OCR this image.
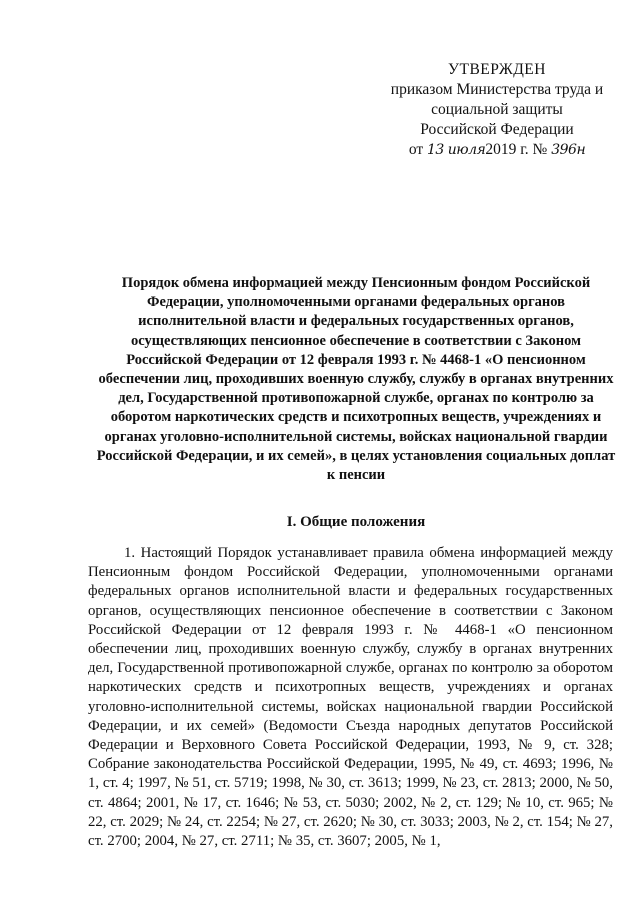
УТВЕРЖДЕН
приказом Министерства труда и
социальной защиты
Российской Федерации
от 13 июля2019 г. № 396н
Порядок обмена информацией между Пенсионным фондом Российской Федерации, уполномоченными органами федеральных органов исполнительной власти и федеральных государственных органов, осуществляющих пенсионное обеспечение в соответствии с Законом Российской Федерации от 12 февраля 1993 г. № 4468-1 «О пенсионном обеспечении лиц, проходивших военную службу, службу в органах внутренних дел, Государственной противопожарной службе, органах по контролю за оборотом наркотических средств и психотропных веществ, учреждениях и органах уголовно-исполнительной системы, войсках национальной гвардии Российской Федерации, и их семей», в целях установления социальных доплат к пенсии
I. Общие положения

1. Настоящий Порядок устанавливает правила обмена информацией между Пенсионным фондом Российской Федерации, уполномоченными органами федеральных органов исполнительной власти и федеральных государственных органов, осуществляющих пенсионное обеспечение в соответствии с Законом Российской Федерации от 12 февраля 1993 г. № 4468-1 «О пенсионном обеспечении лиц, проходивших военную службу, службу в органах внутренних дел, Государственной противопожарной службе, органах по контролю за оборотом наркотических средств и психотропных веществ, учреждениях и органах уголовно-исполнительной системы, войсках национальной гвардии Российской Федерации, и их семей» (Ведомости Съезда народных депутатов Российской Федерации и Верховного Совета Российской Федерации, 1993, № 9, ст. 328; Собрание законодательства Российской Федерации, 1995, № 49, ст. 4693; 1996, № 1, ст. 4; 1997, № 51, ст. 5719; 1998, № 30, ст. 3613; 1999, № 23, ст. 2813; 2000, № 50, ст. 4864; 2001, № 17, ст. 1646; № 53, ст. 5030; 2002, № 2, ст. 129; № 10, ст. 965; № 22, ст. 2029; № 24, ст. 2254; № 27, ст. 2620; № 30, ст. 3033; 2003, № 2, ст. 154; № 27, ст. 2700; 2004, № 27, ст. 2711; № 35, ст. 3607; 2005, № 1,
